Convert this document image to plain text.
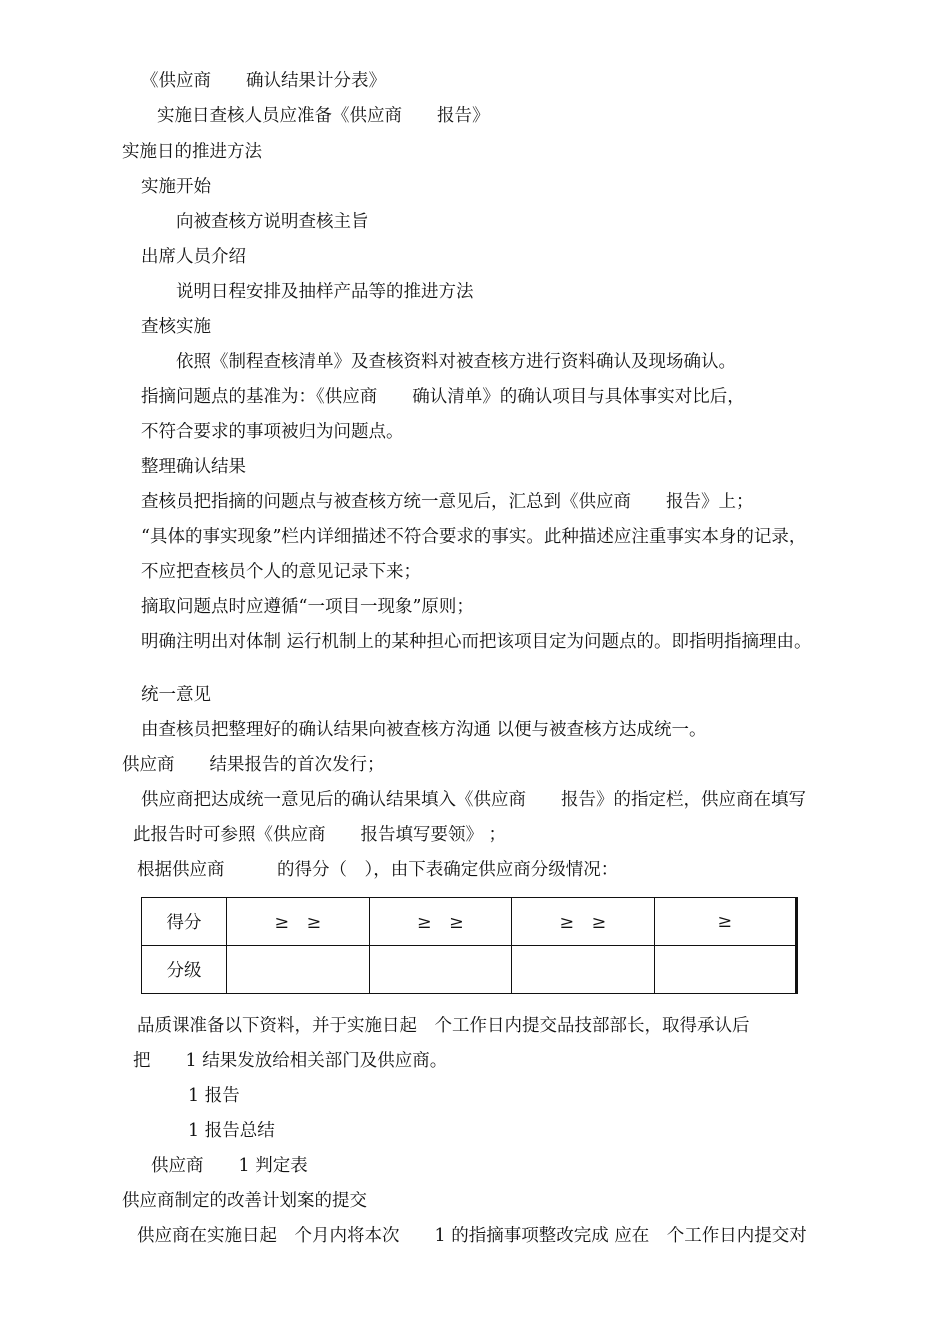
《供应商　　确认结果计分表》
实施日查核人员应准备《供应商　　报告》
实施日的推进方法
实施开始
向被查核方说明查核主旨
出席人员介绍
说明日程安排及抽样产品等的推进方法
查核实施
依照《制程查核清单》及查核资料对被查核方进行资料确认及现场确认。
指摘问题点的基准为：《供应商　　确认清单》的确认项目与具体事实对比后，
不符合要求的事项被归为问题点。
整理确认结果
查核员把指摘的问题点与被查核方统一意见后，汇总到《供应商　　报告》上；
“具体的事实现象”栏内详细描述不符合要求的事实。此种描述应注重事实本身的记录，
不应把查核员个人的意见记录下来；
摘取问题点时应遵循“一项目一现象”原则；
明确注明出对体制 运行机制上的某种担心而把该项目定为问题点的。即指明指摘理由。
统一意见
由查核员把整理好的确认结果向被查核方沟通 以便与被查核方达成统一。
供应商　　结果报告的首次发行；
供应商把达成统一意见后的确认结果填入《供应商　　报告》的指定栏，供应商在填写
此报告时可参照《供应商　　报告填写要领》 ；
根据供应商　　　的得分（　），由下表确定供应商分级情况：
得分	≥　≥	≥　≥	≥　≥	≥
分级				
品质课准备以下资料，并于实施日起　个工作日内提交品技部部长，取得承认后
把　　1 结果发放给相关部门及供应商。
1 报告
1 报告总结
供应商　　1 判定表
供应商制定的改善计划案的提交
供应商在实施日起　个月内将本次　　1 的指摘事项整改完成 应在　个工作日内提交对
